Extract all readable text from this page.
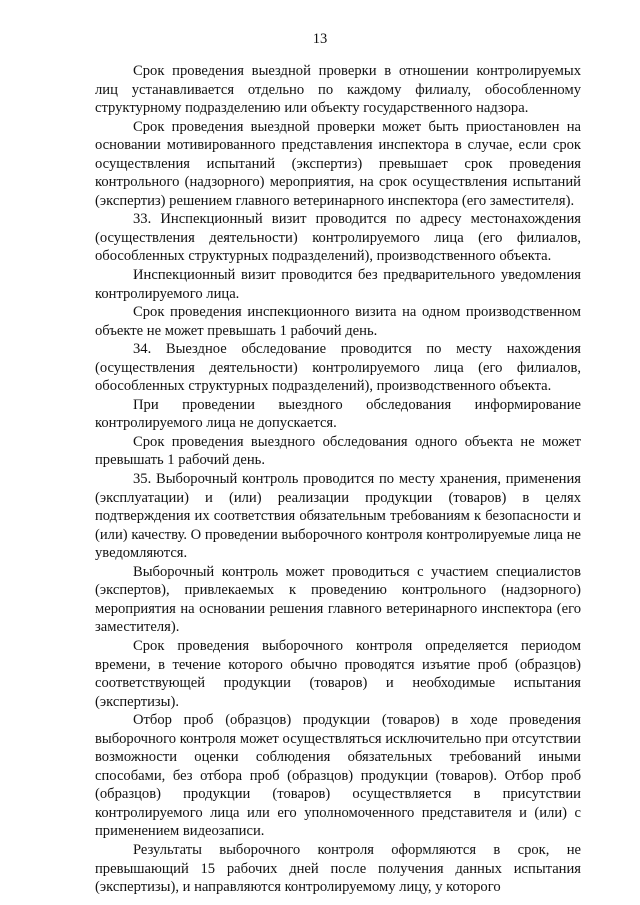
13

Срок проведения выездной проверки в отношении контролируемых лиц устанавливается отдельно по каждому филиалу, обособленному структурному подразделению или объекту государственного надзора.

Срок проведения выездной проверки может быть приостановлен на основании мотивированного представления инспектора в случае, если срок осуществления испытаний (экспертиз) превышает срок проведения контрольного (надзорного) мероприятия, на срок осуществления испытаний (экспертиз) решением главного ветеринарного инспектора (его заместителя).

33. Инспекционный визит проводится по адресу местонахождения (осуществления деятельности) контролируемого лица (его филиалов, обособленных структурных подразделений), производственного объекта.

Инспекционный визит проводится без предварительного уведомления контролируемого лица.

Срок проведения инспекционного визита на одном производственном объекте не может превышать 1 рабочий день.

34. Выездное обследование проводится по месту нахождения (осуществления деятельности) контролируемого лица (его филиалов, обособленных структурных подразделений), производственного объекта.

При проведении выездного обследования информирование контролируемого лица не допускается.

Срок проведения выездного обследования одного объекта не может превышать 1 рабочий день.

35. Выборочный контроль проводится по месту хранения, применения (эксплуатации) и (или) реализации продукции (товаров) в целях подтверждения их соответствия обязательным требованиям к безопасности и (или) качеству. О проведении выборочного контроля контролируемые лица не уведомляются.

Выборочный контроль может проводиться с участием специалистов (экспертов), привлекаемых к проведению контрольного (надзорного) мероприятия на основании решения главного ветеринарного инспектора (его заместителя).

Срок проведения выборочного контроля определяется периодом времени, в течение которого обычно проводятся изъятие проб (образцов) соответствующей продукции (товаров) и необходимые испытания (экспертизы).

Отбор проб (образцов) продукции (товаров) в ходе проведения выборочного контроля может осуществляться исключительно при отсутствии возможности оценки соблюдения обязательных требований иными способами, без отбора проб (образцов) продукции (товаров). Отбор проб (образцов) продукции (товаров) осуществляется в присутствии контролируемого лица или его уполномоченного представителя и (или) с применением видеозаписи.

Результаты выборочного контроля оформляются в срок, не превышающий 15 рабочих дней после получения данных испытания (экспертизы), и направляются контролируемому лицу, у которого
